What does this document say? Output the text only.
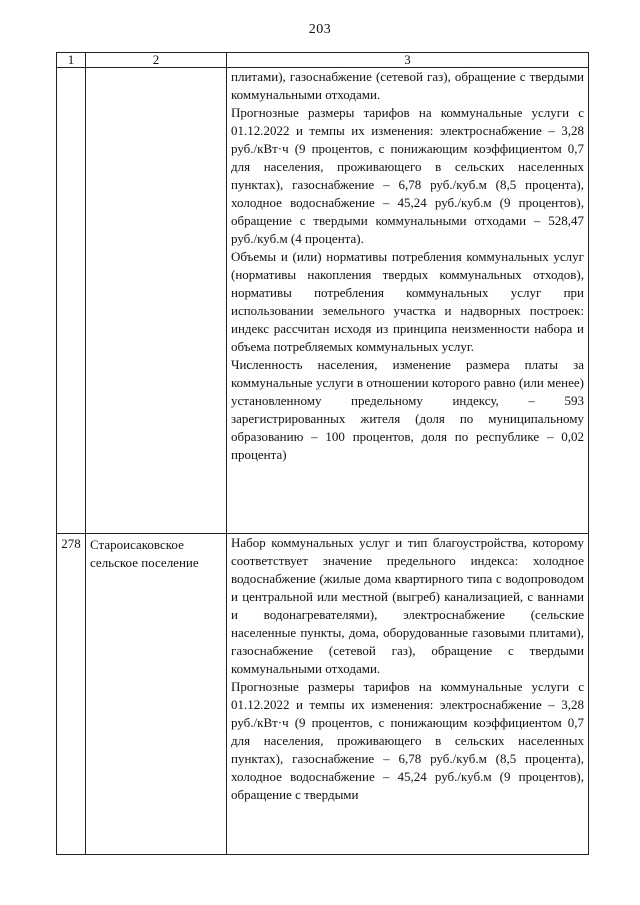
203
1	2	3

		плитами), газоснабжение (сетевой газ), обращение с твердыми коммунальными отходами.

Прогнозные размеры тарифов на коммунальные услуги с 01.12.2022 и темпы их изменения: электроснабжение – 3,28 руб./кВт·ч (9 процентов, с понижающим коэффициентом 0,7 для населения, проживающего в сельских населенных пунктах), газоснабжение – 6,78 руб./куб.м (8,5 процента), холодное водоснабжение – 45,24 руб./куб.м (9 процентов), обращение с твердыми коммунальными отходами – 528,47 руб./куб.м (4 процента).

Объемы и (или) нормативы потребления коммунальных услуг (нормативы накопления твердых коммунальных отходов), нормативы потребления коммунальных услуг при использовании земельного участка и надворных построек: индекс рассчитан исходя из принципа неизменности набора и объема потребляемых коммунальных услуг.

Численность населения, изменение размера платы за коммунальные услуги в отношении которого равно (или менее) установленному предельному индексу, – 593 зарегистрированных жителя (доля по муниципальному образованию – 100 процентов, доля по республике – 0,02 процента)

278	Староисаковское сельское поселение	Набор коммунальных услуг и тип благоустройства, которому соответствует значение предельного индекса: холодное водоснабжение (жилые дома квартирного типа с водопроводом и центральной или местной (выгреб) канализацией, с ваннами и водонагревателями), электроснабжение (сельские населенные пункты, дома, оборудованные газовыми плитами), газоснабжение (сетевой газ), обращение с твердыми коммунальными отходами.

Прогнозные размеры тарифов на коммунальные услуги с 01.12.2022 и темпы их изменения: электроснабжение – 3,28 руб./кВт·ч (9 процентов, с понижающим коэффициентом 0,7 для населения, проживающего в сельских населенных пунктах), газоснабжение – 6,78 руб./куб.м (8,5 процента), холодное водоснабжение – 45,24 руб./куб.м (9 процентов), обращение с твердыми
